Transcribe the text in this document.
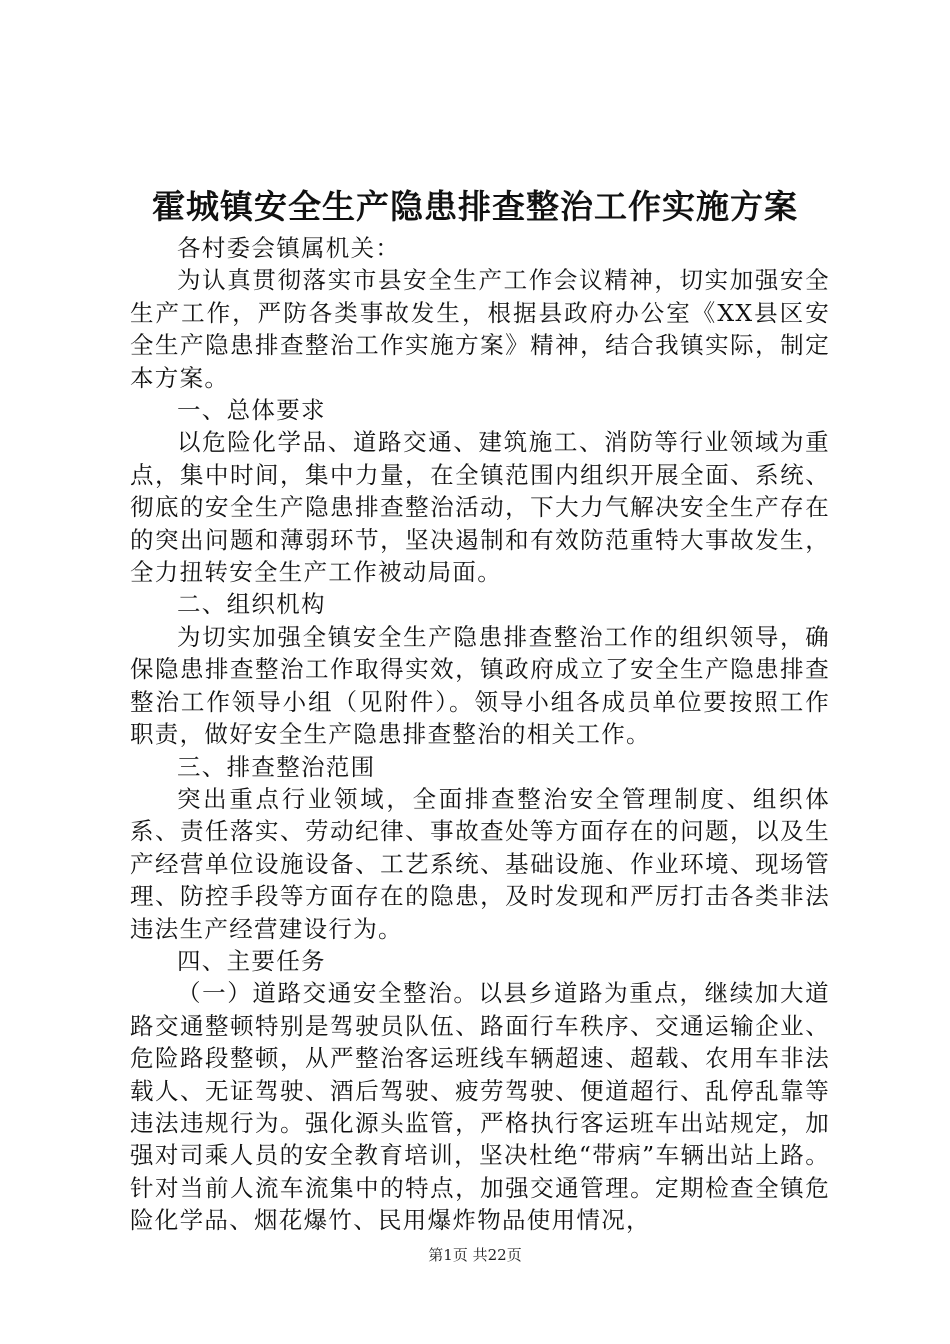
霍城镇安全生产隐患排查整治工作实施方案

各村委会镇属机关：

为认真贯彻落实市县安全生产工作会议精神，切实加强安全生产工作，严防各类事故发生，根据县政府办公室《XX县区安全生产隐患排查整治工作实施方案》精神，结合我镇实际，制定本方案。

一、总体要求

以危险化学品、道路交通、建筑施工、消防等行业领域为重点，集中时间，集中力量，在全镇范围内组织开展全面、系统、彻底的安全生产隐患排查整治活动，下大力气解决安全生产存在的突出问题和薄弱环节，坚决遏制和有效防范重特大事故发生，全力扭转安全生产工作被动局面。

二、组织机构

为切实加强全镇安全生产隐患排查整治工作的组织领导，确保隐患排查整治工作取得实效，镇政府成立了安全生产隐患排查整治工作领导小组（见附件）。领导小组各成员单位要按照工作职责，做好安全生产隐患排查整治的相关工作。

三、排查整治范围

突出重点行业领域，全面排查整治安全管理制度、组织体系、责任落实、劳动纪律、事故查处等方面存在的问题，以及生产经营单位设施设备、工艺系统、基础设施、作业环境、现场管理、防控手段等方面存在的隐患，及时发现和严厉打击各类非法违法生产经营建设行为。

四、主要任务

（一）道路交通安全整治。以县乡道路为重点，继续加大道路交通整顿特别是驾驶员队伍、路面行车秩序、交通运输企业、危险路段整顿，从严整治客运班线车辆超速、超载、农用车非法载人、无证驾驶、酒后驾驶、疲劳驾驶、便道超行、乱停乱靠等违法违规行为。强化源头监管，严格执行客运班车出站规定，加强对司乘人员的安全教育培训，坚决杜绝“带病”车辆出站上路。针对当前人流车流集中的特点，加强交通管理。定期检查全镇危险化学品、烟花爆竹、民用爆炸物品使用情况，

第1页 共22页
